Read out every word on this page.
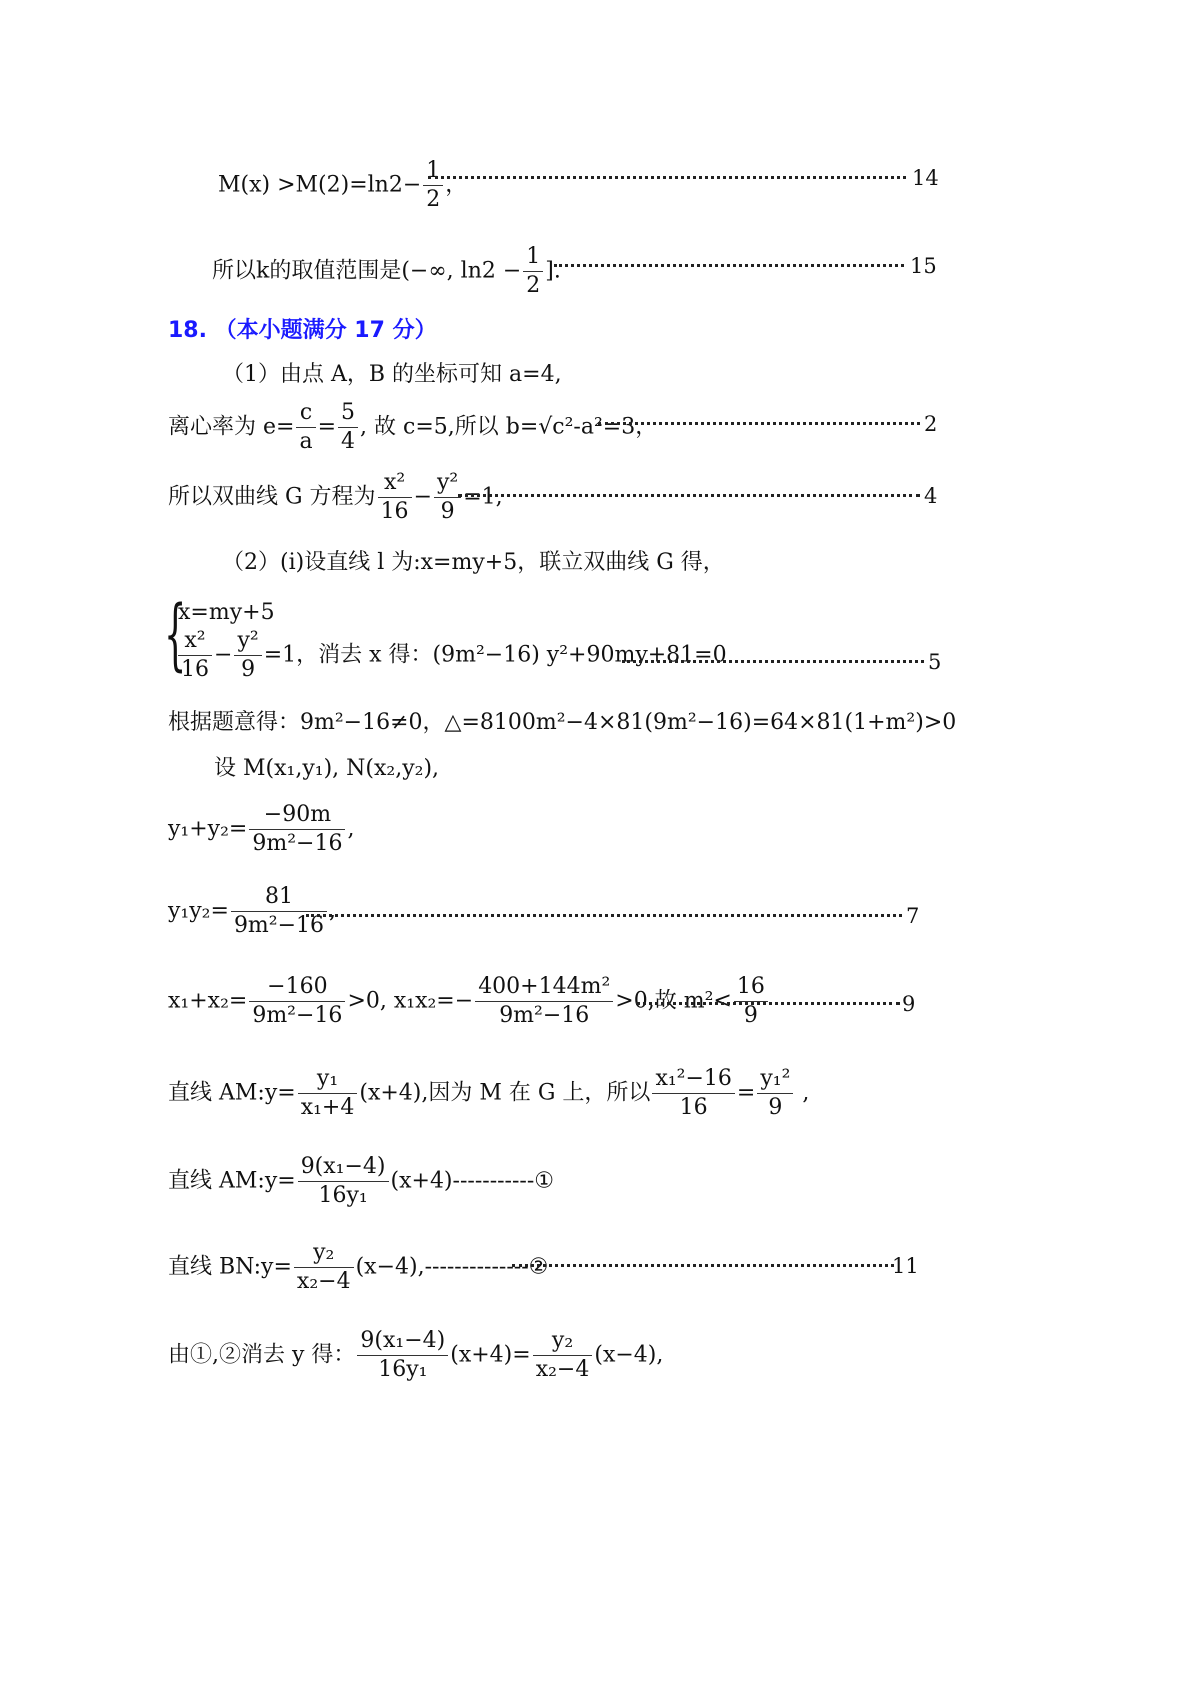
$M(x) >M(2)=\ln 2- \frac{1}{2}$ ，	14
所以k的取值范围是(−∞, $\ln 2 - \frac{1}{2}$ ].	15
18. （本小题满分 17 分）
（1）由点 A，B 的坐标可知 a=4,
离心率为 $e= \frac{c}{a} = \frac{5}{4}$ , 故 c=5,所以 b=√c²-a²=3，	2
所以双曲线 G 方程为 $\frac{\text{x²}}{16} - \frac{\text{y²}}{9} =1$,	4
（2）(i)设直线 l 为:x=my+5，联立双曲线 G 得，
{
x=my+5
$\frac{\text{x²}}{16} - \frac{\text{y²}}{9} =1$，消去 x 得：(9m²−16) y²+90my+81=0	5
根据题意得：9m²−16≠0，△=8100m²−4×81(9m²−16)=64×81(1+m²)>0
设 M(x₁,y₁), N(x₂,y₂),
$y_1+y_2= \frac{-90m}{\text{9m²−16}}$ ,
$y_1y_2= \frac{81}{\text{9m²−16}}$ ,	7
$x_1+x_2= \frac{-160}{\text{9m²−16}} >0$, $x_1x_2=- \frac{\text{400+144m²}}{\text{9m²−16}} >0$,故 $m^2< \frac{16}{9}$	9
直线 AM:y= $\frac{\text{y₁}}{\text{x₁+4}} (x+4)$,因为 M 在 G 上，所以 $\frac{\text{x₁²−16}}{16} = \frac{\text{y₁²}}{9}$ ,
直线 AM:y= $\frac{\text{9(x₁−4)}}{\text{16y₁}}$ (x+4)-----------①
直线 BN:y= $\frac{\text{y₂}}{\text{x₂−4}}$ (x−4),--------------②	11
由①,②消去 y 得： $\frac{\text{9(x₁−4)}}{\text{16y₁}} (x+4)= \frac{\text{y₂}}{\text{x₂−4}} (x-4)$,
